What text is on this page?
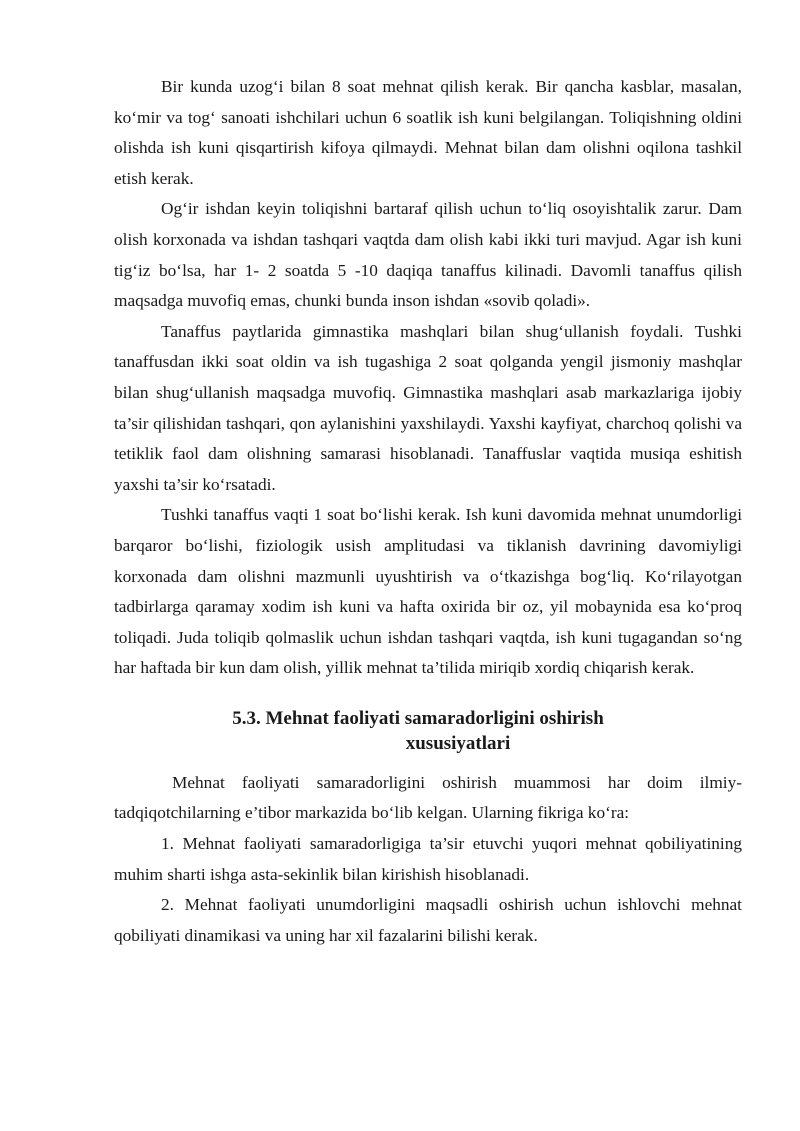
Bir kunda uzog‘i bilan 8 soat mehnat qilish kerak. Bir qancha kasblar, masalan, ko‘mir va tog‘ sanoati ishchilari uchun 6 soatlik ish kuni belgilangan. Toliqishning oldini olishda ish kuni qisqartirish kifoya qilmaydi. Mehnat bilan dam olishni oqilona tashkil etish kerak.

Og‘ir ishdan keyin toliqishni bartaraf qilish uchun to‘liq osoyishtalik zarur. Dam olish korxonada va ishdan tashqari vaqtda dam olish kabi ikki turi mavjud. Agar ish kuni tig‘iz bo‘lsa, har 1- 2 soatda 5 -10 daqiqa tanaffus kilinadi. Davomli tanaffus qilish maqsadga muvofiq emas, chunki bunda inson ishdan «sovib qoladi».

Tanaffus paytlarida gimnastika mashqlari bilan shug‘ullanish foydali. Tushki tanaffusdan ikki soat oldin va ish tugashiga 2 soat qolganda yengil jismoniy mashqlar bilan shug‘ullanish maqsadga muvofiq. Gimnastika mashqlari asab markazlariga ijobiy ta’sir qilishidan tashqari, qon aylanishini yaxshilaydi. Yaxshi kayfiyat, charchoq qolishi va tetiklik faol dam olishning samarasi hisoblanadi. Tanaffuslar vaqtida musiqa eshitish yaxshi ta’sir ko‘rsatadi.

Tushki tanaffus vaqti 1 soat bo‘lishi kerak. Ish kuni davomida mehnat unumdorligi barqaror bo‘lishi, fiziologik usish amplitudasi va tiklanish davrining davomiyligi korxonada dam olishni mazmunli uyushtirish va o‘tkazishga bog‘liq. Ko‘rilayotgan tadbirlarga qaramay xodim ish kuni va hafta oxirida bir oz, yil mobaynida esa ko‘proq toliqadi. Juda toliqib qolmaslik uchun ishdan tashqari vaqtda, ish kuni tugagandan so‘ng har haftada bir kun dam olish, yillik mehnat ta’tilida miriqib xordiq chiqarish kerak.

5.3. Mehnat faoliyati samaradorligini oshirish
xususiyatlari

Mehnat faoliyati samaradorligini oshirish muammosi har doim ilmiy-tadqiqotchilarning e’tibor markazida bo‘lib kelgan. Ularning fikriga ko‘ra:

1. Mehnat faoliyati samaradorligiga ta’sir etuvchi yuqori mehnat qobiliyatining muhim sharti ishga asta-sekinlik bilan kirishish hisoblanadi.

2. Mehnat faoliyati unumdorligini maqsadli oshirish uchun ishlovchi mehnat qobiliyati dinamikasi va uning har xil fazalarini bilishi kerak.
